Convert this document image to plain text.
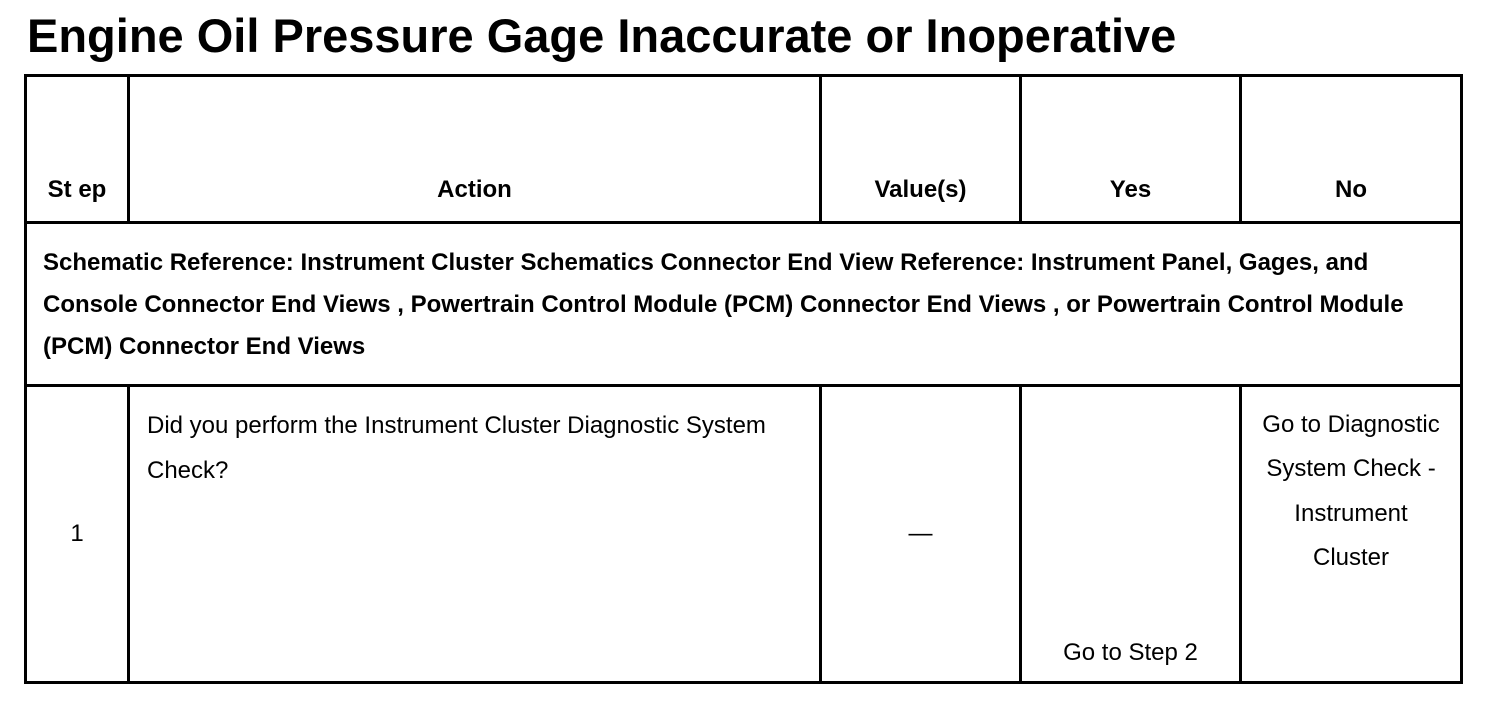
Engine Oil Pressure Gage Inaccurate or Inoperative
St ep	Action	Value(s)	Yes	No
Schematic Reference: Instrument Cluster Schematics Connector End View Reference: Instrument Panel, Gages, and Console Connector End Views , Powertrain Control Module (PCM) Connector End Views , or Powertrain Control Module (PCM) Connector End Views				
1	Did you perform the Instrument Cluster Diagnostic System Check?	—	Go to Step 2	Go to Diagnostic System Check - Instrument Cluster
